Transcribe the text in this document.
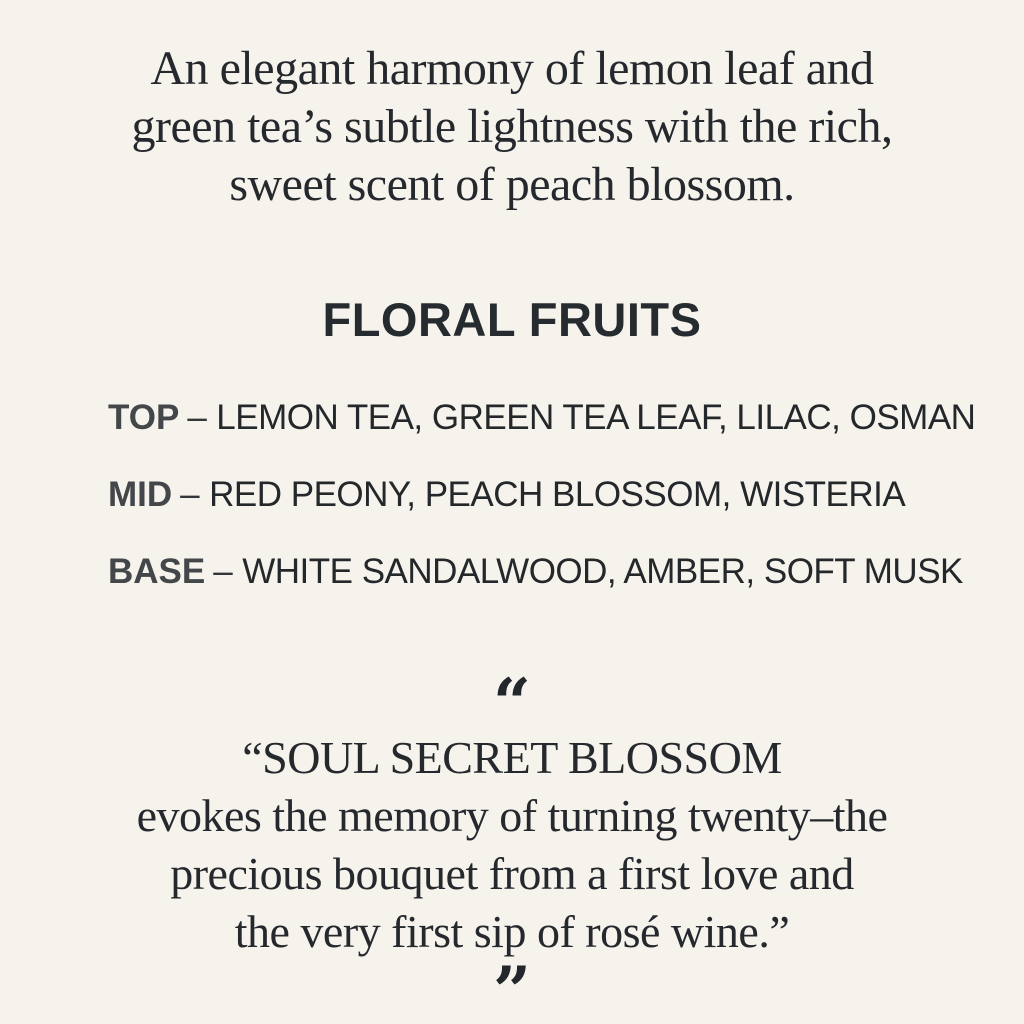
An elegant harmony of lemon leaf and
green tea’s subtle lightness with the rich,
sweet scent of peach blossom.
FLORAL FRUITS
TOP – LEMON TEA, GREEN TEA LEAF, LILAC, OSMAN
MID – RED PEONY, PEACH BLOSSOM, WISTERIA
BASE – WHITE SANDALWOOD, AMBER, SOFT MUSK
“
“SOUL SECRET BLOSSOM
evokes the memory of turning twenty–the
precious bouquet from a first love and
the very first sip of rosé wine.”
”
